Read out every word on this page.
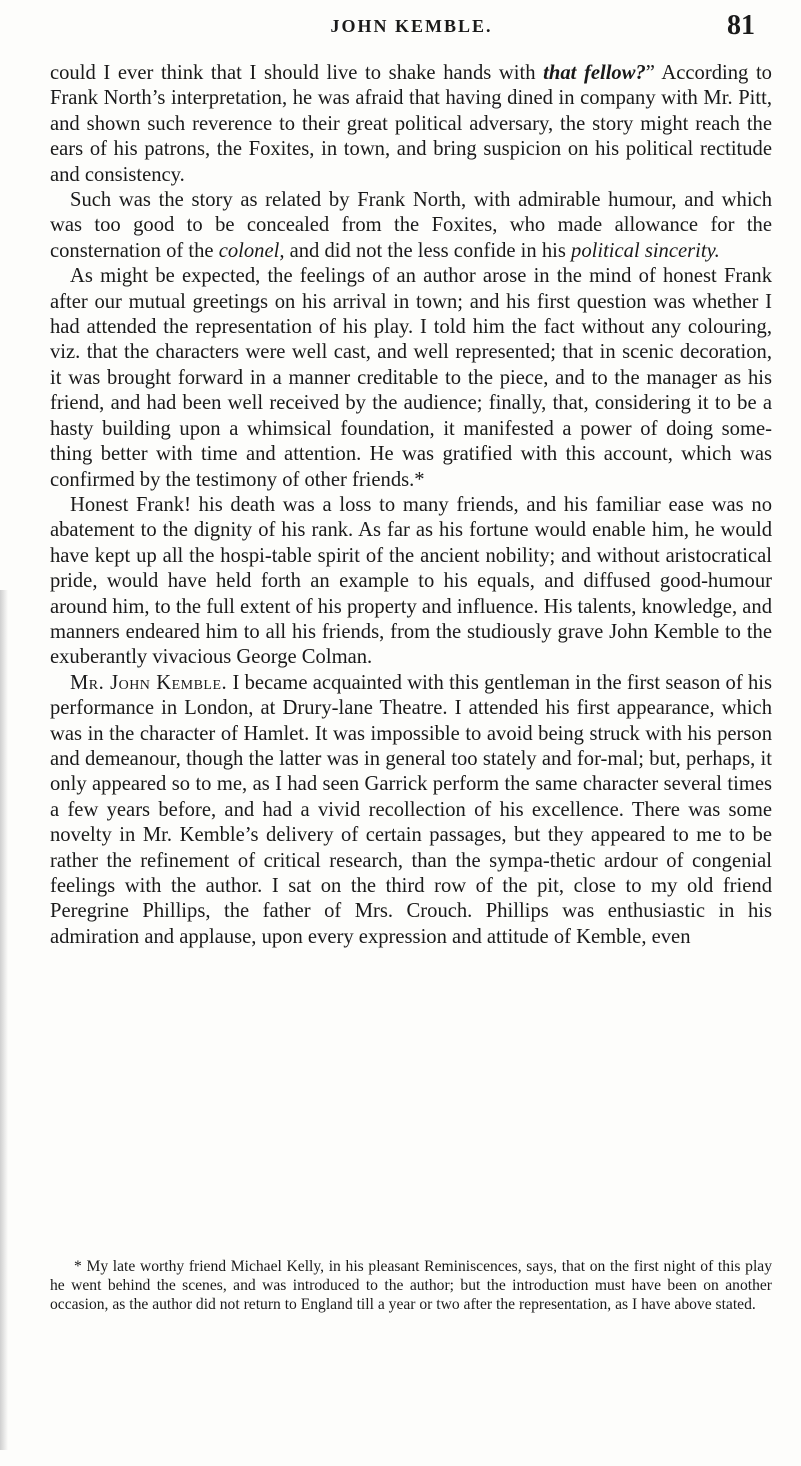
JOHN KEMBLE.	81

could I ever think that I should live to shake hands with that fellow?” According to Frank North’s interpretation, he was afraid that having dined in company with Mr. Pitt, and shown such reverence to their great political adversary, the story might reach the ears of his patrons, the Foxites, in town, and bring suspicion on his political rectitude and consistency.

Such was the story as related by Frank North, with admirable humour, and which was too good to be concealed from the Foxites, who made allowance for the consternation of the colonel, and did not the less confide in his political sincerity.

As might be expected, the feelings of an author arose in the mind of honest Frank after our mutual greetings on his arrival in town; and his first question was whether I had attended the representation of his play. I told him the fact without any colouring, viz. that the characters were well cast, and well represented; that in scenic decoration, it was brought forward in a manner creditable to the piece, and to the manager as his friend, and had been well received by the audience; finally, that, considering it to be a hasty building upon a whimsical foundation, it manifested a power of doing some-thing better with time and attention. He was gratified with this account, which was confirmed by the testimony of other friends.*

Honest Frank! his death was a loss to many friends, and his familiar ease was no abatement to the dignity of his rank. As far as his fortune would enable him, he would have kept up all the hospi-table spirit of the ancient nobility; and without aristocratical pride, would have held forth an example to his equals, and diffused good-humour around him, to the full extent of his property and influence. His talents, knowledge, and manners endeared him to all his friends, from the studiously grave John Kemble to the exuberantly vivacious George Colman.

Mr. John Kemble. I became acquainted with this gentleman in the first season of his performance in London, at Drury-lane Theatre. I attended his first appearance, which was in the character of Hamlet. It was impossible to avoid being struck with his person and demeanour, though the latter was in general too stately and for-mal; but, perhaps, it only appeared so to me, as I had seen Garrick perform the same character several times a few years before, and had a vivid recollection of his excellence. There was some novelty in Mr. Kemble’s delivery of certain passages, but they appeared to me to be rather the refinement of critical research, than the sympa-thetic ardour of congenial feelings with the author. I sat on the third row of the pit, close to my old friend Peregrine Phillips, the father of Mrs. Crouch. Phillips was enthusiastic in his admiration and applause, upon every expression and attitude of Kemble, even

* My late worthy friend Michael Kelly, in his pleasant Reminiscences, says, that on the first night of this play he went behind the scenes, and was introduced to the author; but the introduction must have been on another occasion, as the author did not return to England till a year or two after the representation, as I have above stated.
